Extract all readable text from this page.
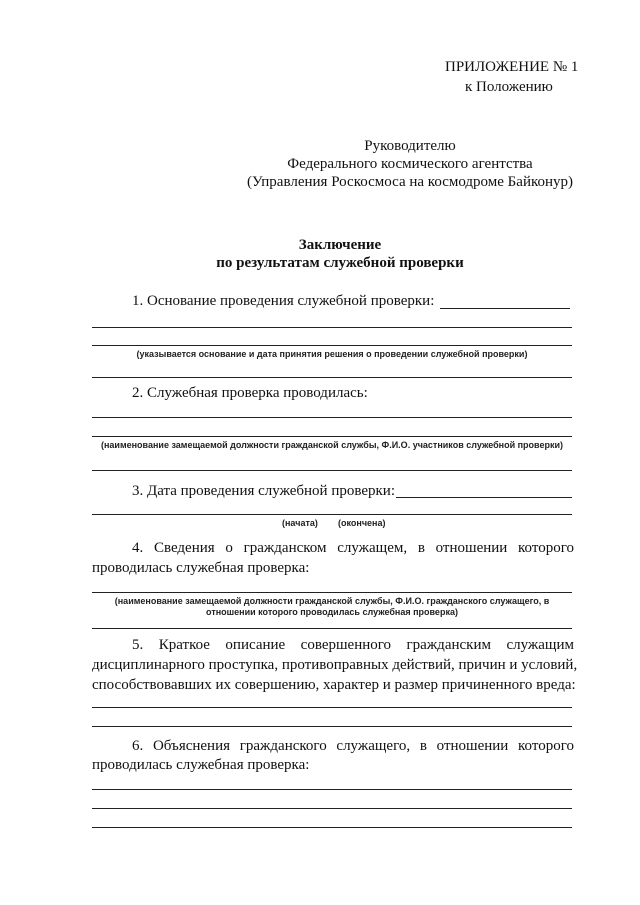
ПРИЛОЖЕНИЕ № 1
к Положению
Руководителю
Федерального космического агентства
(Управления Роскосмоса на космодроме Байконур)
Заключение
по результатам служебной проверки
1. Основание проведения служебной проверки:
(указывается основание и дата принятия решения о проведении служебной проверки)
2. Служебная проверка проводилась:
(наименование замещаемой должности гражданской службы, Ф.И.О. участников служебной проверки)
3. Дата проведения служебной проверки:
(начата) (окончена)
4. Сведения о гражданском служащем, в отношении которого
проводилась служебная проверка:
(наименование замещаемой должности гражданской службы, Ф.И.О. гражданского служащего, в
отношении которого проводилась служебная проверка)
5. Краткое описание совершенного гражданским служащим
дисциплинарного проступка, противоправных действий, причин и условий,
способствовавших их совершению, характер и размер причиненного вреда:
6. Объяснения гражданского служащего, в отношении которого
проводилась служебная проверка:
